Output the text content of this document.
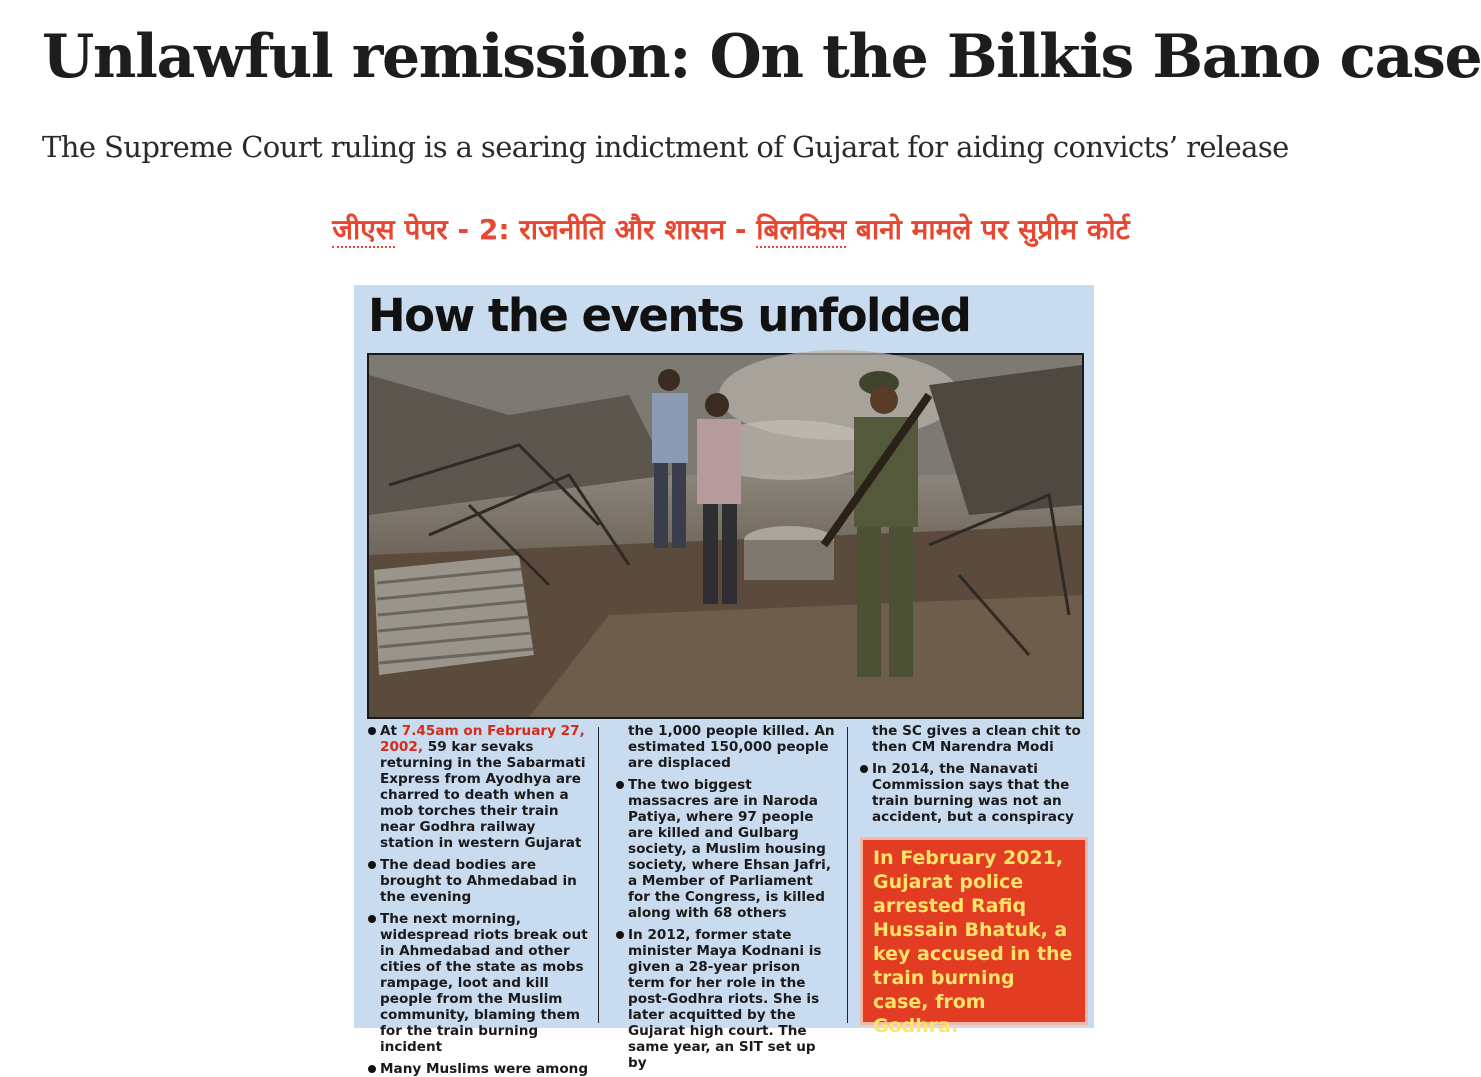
Unlawful remission: On the Bilkis Bano case

The Supreme Court ruling is a searing indictment of Gujarat for aiding convicts’ release

जीएस पेपर - 2: राजनीति और शासन - बिलकिस बानो मामले पर सुप्रीम कोर्ट
How the events unfolded

At 7.45am on February 27, 2002, 59 kar sevaks returning in the Sabarmati Express from Ayodhya are charred to death when a mob torches their train near Godhra railway station in western Gujarat

The dead bodies are brought to Ahmedabad in the evening

The next morning, widespread riots break out in Ahmedabad and other cities of the state as mobs rampage, loot and kill people from the Muslim community, blaming them for the train burning incident

Many Muslims were among

the 1,000 people killed. An estimated 150,000 people are displaced

The two biggest massacres are in Naroda Patiya, where 97 people are killed and Gulbarg society, a Muslim housing society, where Ehsan Jafri, a Member of Parliament for the Congress, is killed along with 68 others

In 2012, former state minister Maya Kodnani is given a 28-year prison term for her role in the post-Godhra riots. She is later acquitted by the Gujarat high court. The same year, an SIT set up by

the SC gives a clean chit to then CM Narendra Modi

In 2014, the Nanavati Commission says that the train burning was not an accident, but a conspiracy

In February 2021, Gujarat police arrested Rafiq Hussain Bhatuk, a key accused in the train burning case, from Godhra.
